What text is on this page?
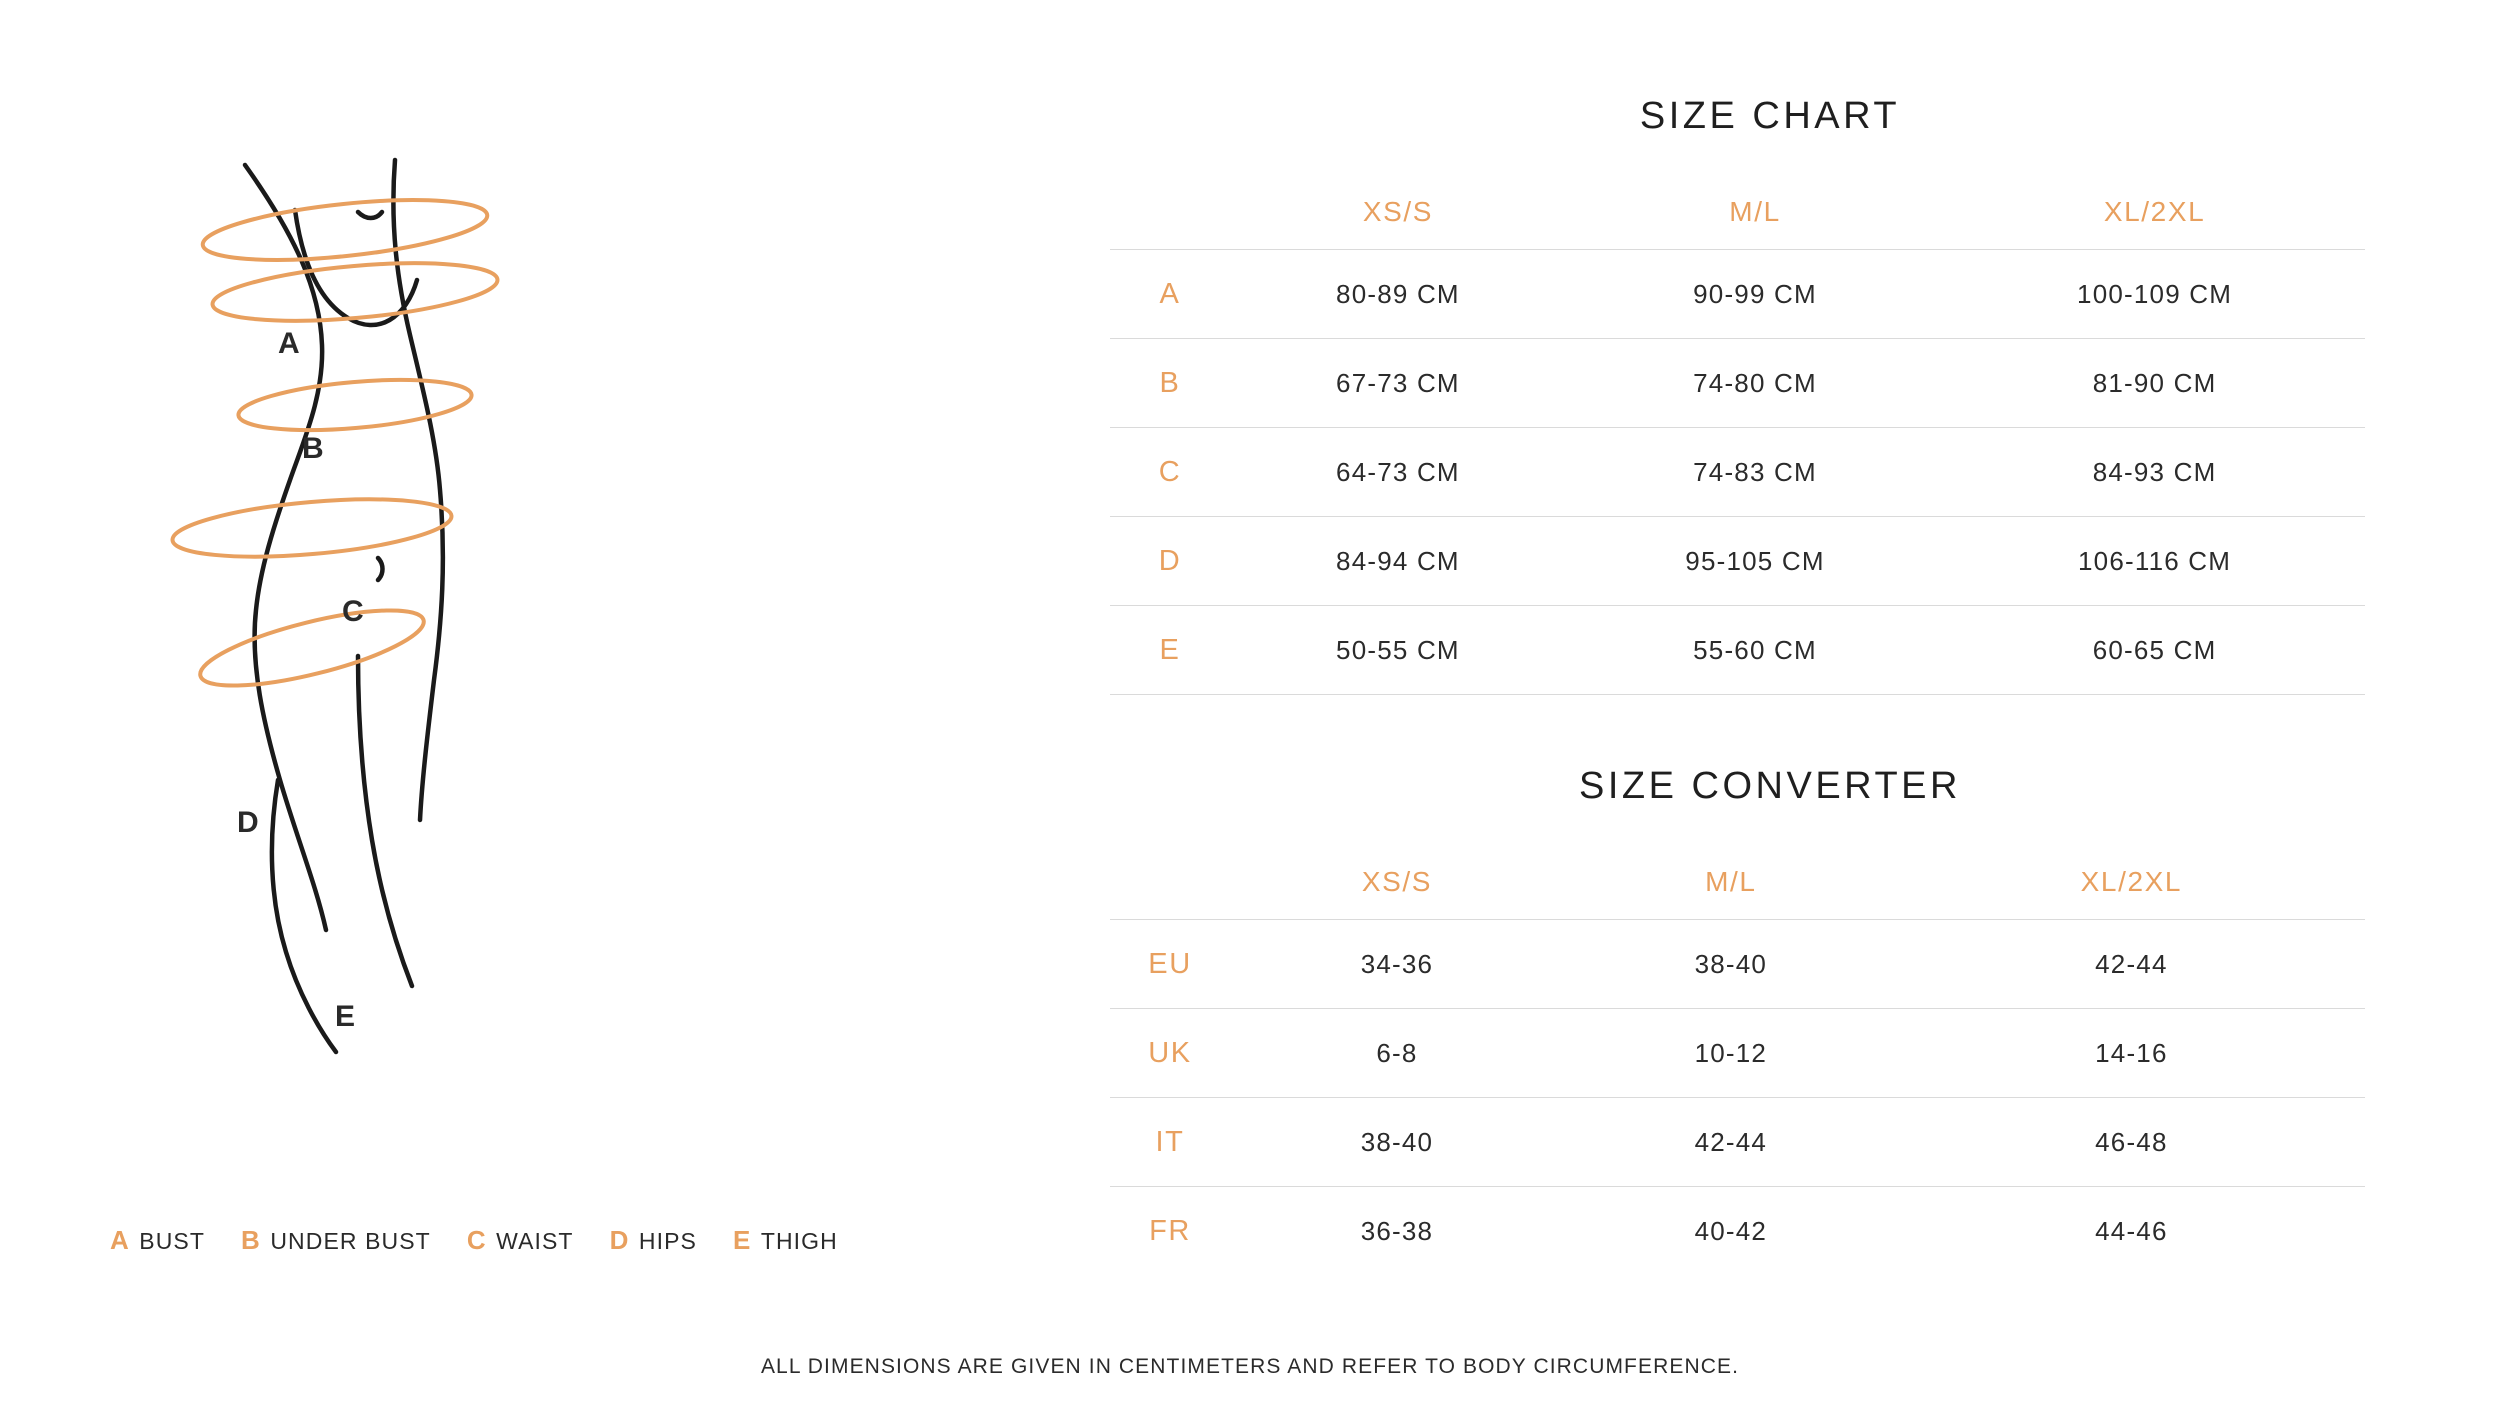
A
B
C
D
E
A BUST B UNDER BUST C WAIST D HIPS E THIGH
SIZE CHART
	XS/S	M/L	XL/2XL
A	80-89 CM	90-99 CM	100-109 CM
B	67-73 CM	74-80 CM	81-90 CM
C	64-73 CM	74-83 CM	84-93 CM
D	84-94 CM	95-105 CM	106-116 CM
E	50-55 CM	55-60 CM	60-65 CM
SIZE CONVERTER
	XS/S	M/L	XL/2XL
EU	34-36	38-40	42-44
UK	6-8	10-12	14-16
IT	38-40	42-44	46-48
FR	36-38	40-42	44-46
ALL DIMENSIONS ARE GIVEN IN CENTIMETERS AND REFER TO BODY CIRCUMFERENCE.
